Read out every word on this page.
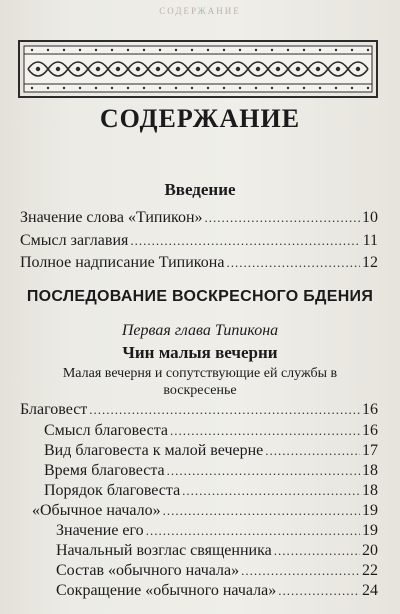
СОДЕРЖАНИЕ
СОДЕРЖАНИЕ
Введение
Значение слова «Типикон» .....	10
Смысл заглавия .....	11
Полное надписание Типикона .....	12
ПОСЛЕДОВАНИЕ ВОСКРЕСНОГО БДЕНИЯ
Первая глава Типикона
Чин малыя вечерни
Малая вечерня и сопутствующие ей службы в воскресенье
Благовест .....	16
Смысл благовеста .....	16
Вид благовеста к малой вечерне .....	17
Время благовеста .....	18
Порядок благовеста .....	18
«Обычное начало» .....	19
Значение его .....	19
Начальный возглас священника .....	20
Состав «обычного начала» .....	22
Сокращение «обычного начала» .....	24
